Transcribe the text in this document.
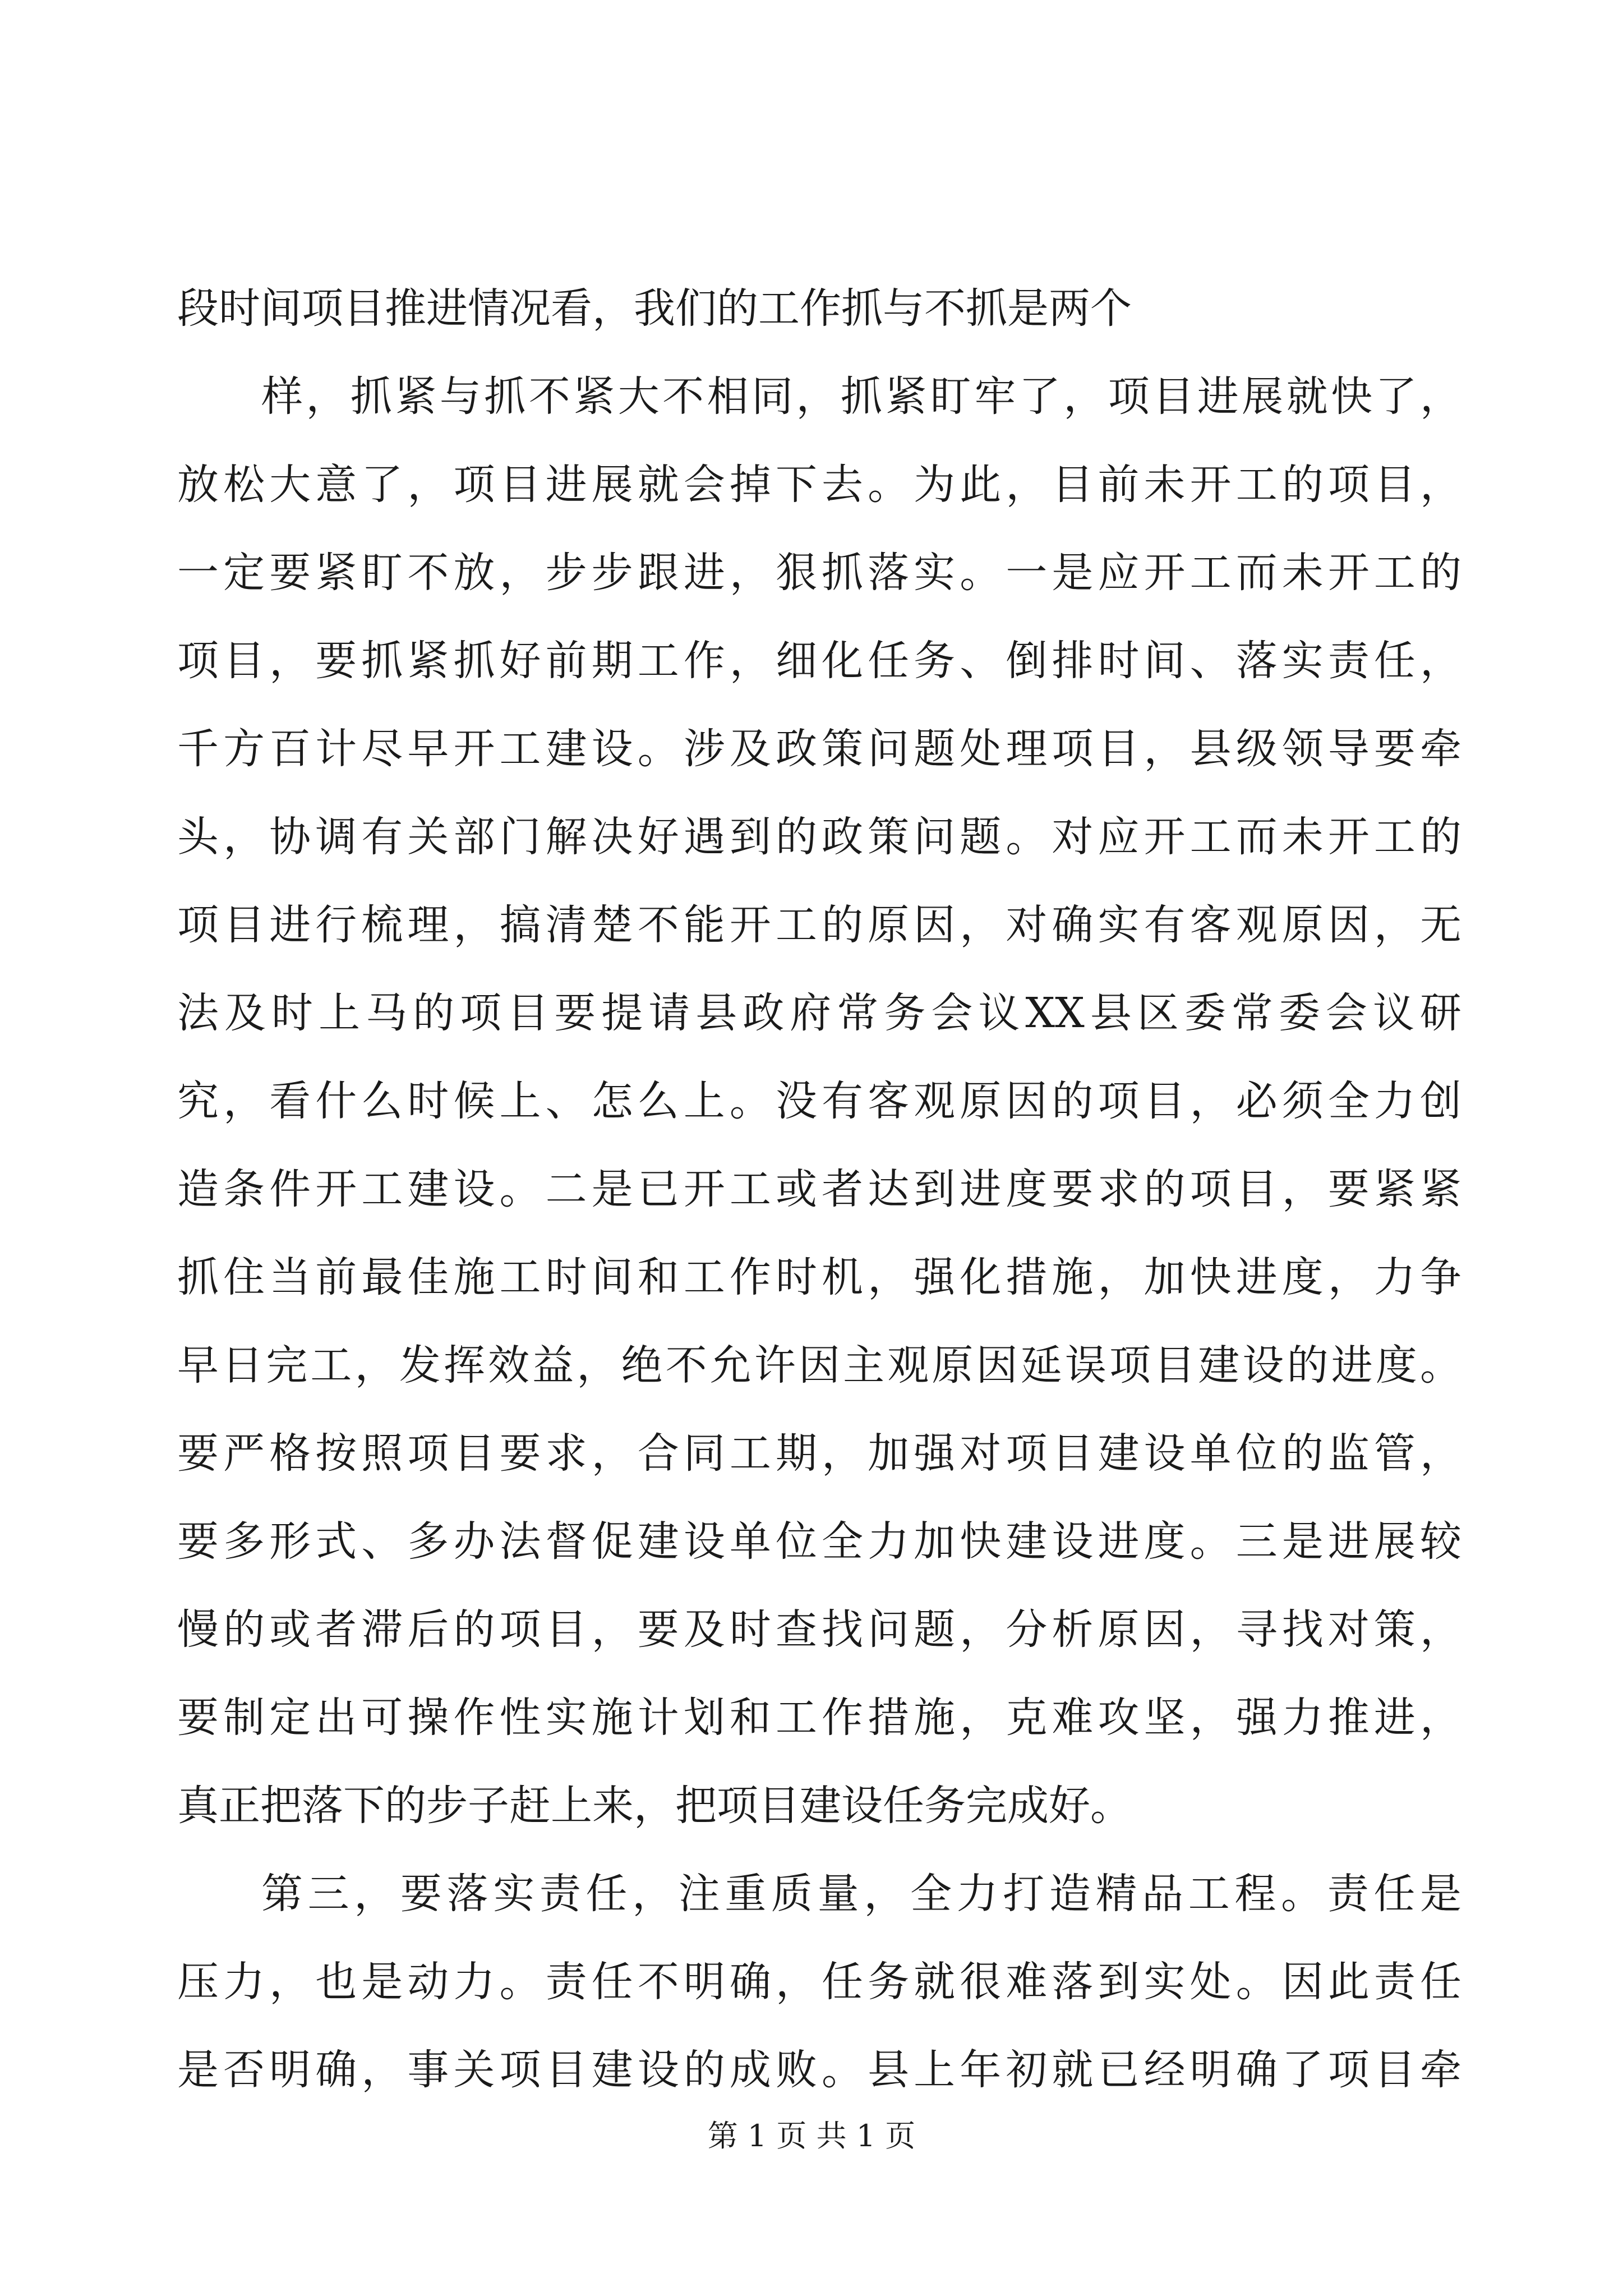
段时间项目推进情况看，我们的工作抓与不抓是两个
样，抓紧与抓不紧大不相同，抓紧盯牢了，项目进展就快了，
放松大意了，项目进展就会掉下去。为此，目前未开工的项目，
一定要紧盯不放，步步跟进，狠抓落实。一是应开工而未开工的
项目，要抓紧抓好前期工作，细化任务、倒排时间、落实责任，
千方百计尽早开工建设。涉及政策问题处理项目，县级领导要牵
头，协调有关部门解决好遇到的政策问题。对应开工而未开工的
项目进行梳理，搞清楚不能开工的原因，对确实有客观原因，无
法及时上马的项目要提请县政府常务会议XX县区委常委会议研
究，看什么时候上、怎么上。没有客观原因的项目，必须全力创
造条件开工建设。二是已开工或者达到进度要求的项目，要紧紧
抓住当前最佳施工时间和工作时机，强化措施，加快进度，力争
早日完工，发挥效益，绝不允许因主观原因延误项目建设的进度。
要严格按照项目要求，合同工期，加强对项目建设单位的监管，
要多形式、多办法督促建设单位全力加快建设进度。三是进展较
慢的或者滞后的项目，要及时查找问题，分析原因，寻找对策，
要制定出可操作性实施计划和工作措施，克难攻坚，强力推进，
真正把落下的步子赶上来，把项目建设任务完成好。
第三，要落实责任，注重质量，全力打造精品工程。责任是
压力，也是动力。责任不明确，任务就很难落到实处。因此责任
是否明确，事关项目建设的成败。县上年初就已经明确了项目牵
第 1 页 共 1 页
